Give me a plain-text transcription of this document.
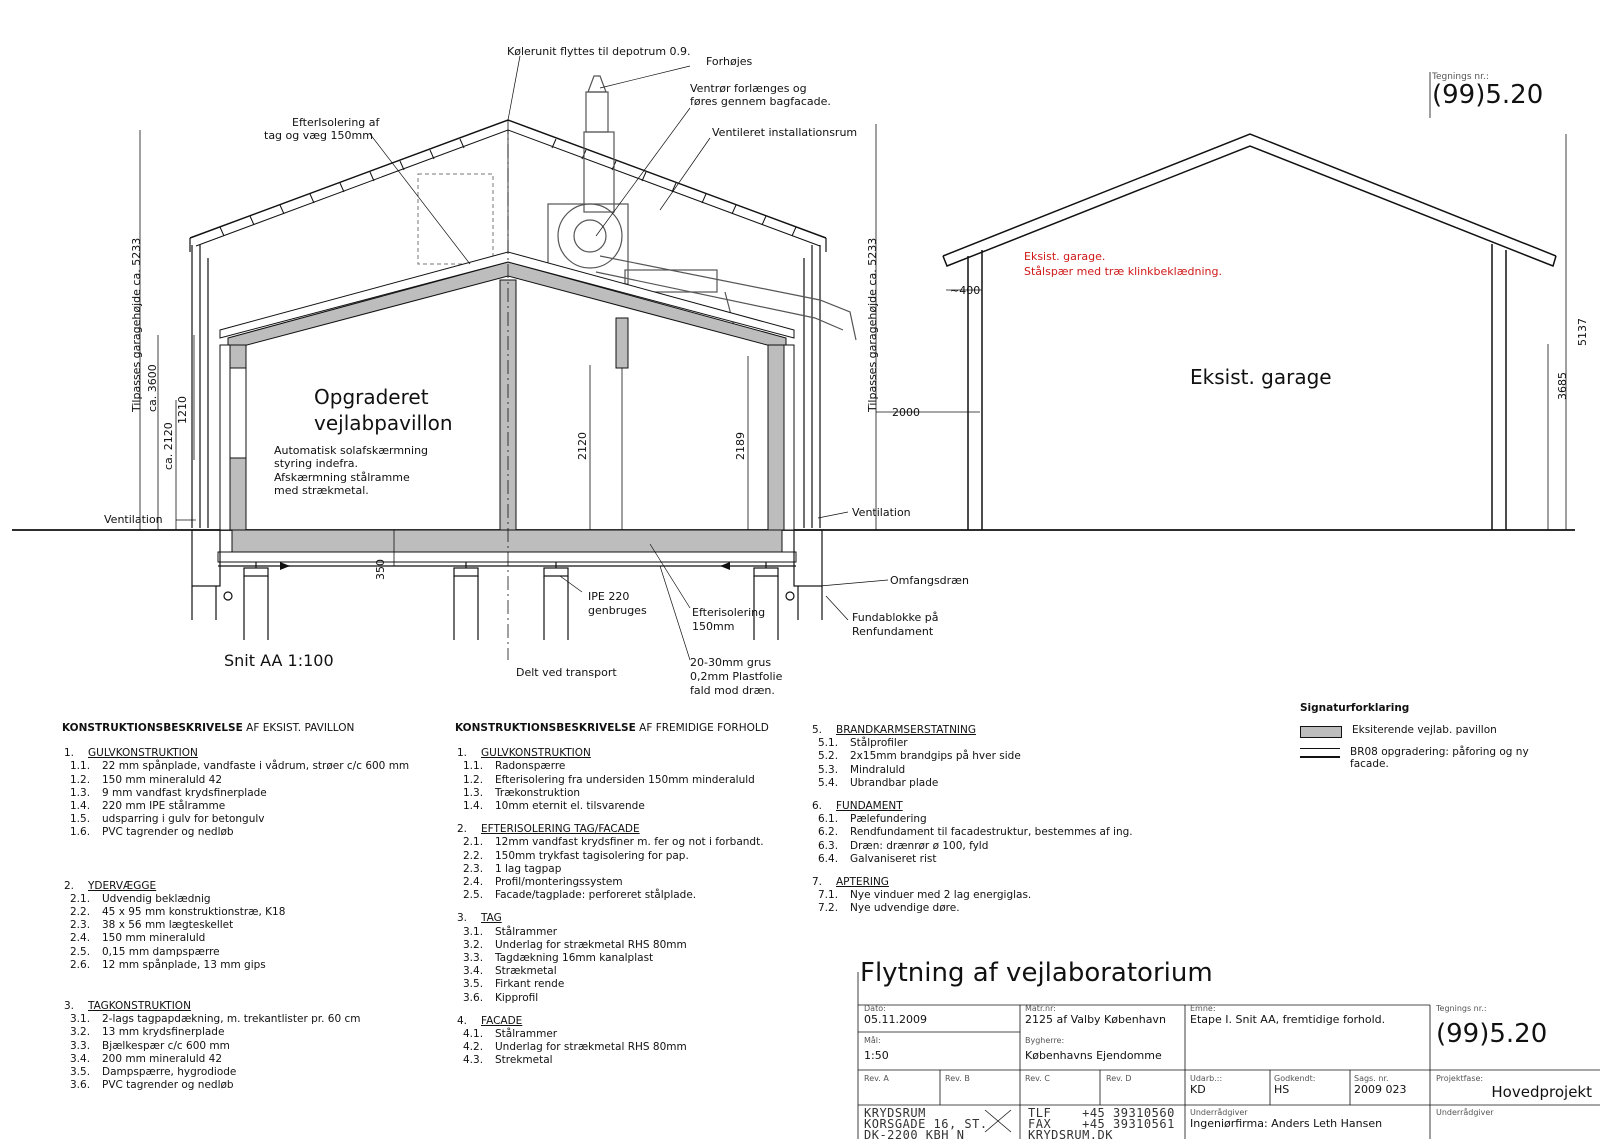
Kølerunit flyttes til depotrum 0.9.
Forhøjes
Ventrør forlænges og
føres gennem bagfacade.
Ventileret installationsrum
EfterIsolering af
tag og væg 150mm
Eksist. garage.
Stålspær med træ klinkbeklædning.
Opgraderet
vejlabpavillon
Automatisk solafskærmning
styring indefra.
Afskærmning stålramme
med strækmetal.
Eksist. garage
Ventilation
Ventilation
Omfangsdræn
Fundablokke på
Renfundament
IPE 220
genbruges	Efterisolering
150mm
20-30mm grus
0,2mm Plastfolie
fald mod dræn.
Delt ved transport
Snit AA 1:100
Tilpasses garagehøjde ca. 5233 ca. 3600
ca. 2120
1210
2120	2189
350
Tilpasses garagehøjde ca. 5233
2000
~400
5137
3685
Tegnings nr.:
(99)5.20
KONSTRUKTIONSBESKRIVELSE AF EKSIST. PAVILLON
1.	GULVKONSTRUKTION
1.1.	22 mm spånplade, vandfaste i vådrum, strøer c/c 600 mm
1.2.	150 mm mineraluld 42
1.3.	9 mm vandfast krydsfinerplade
1.4.	220 mm IPE stålramme
1.5.	udsparring i gulv for betongulv
1.6.	PVC tagrender og nedløb
2.	YDERVÆGGE
2.1.	Udvendig beklædnig
2.2.	45 x 95 mm konstruktionstræ, K18
2.3.	38 x 56 mm lægteskellet
2.4.	150 mm mineraluld
2.5.	0,15 mm dampspærre
2.6.	12 mm spånplade, 13 mm gips
3.	TAGKONSTRUKTION
3.1.	2-lags tagpapdækning, m. trekantlister pr. 60 cm
3.2.	13 mm krydsfinerplade
3.3.	Bjælkespær c/c 600 mm
3.4.	200 mm mineraluld 42
3.5.	Dampspærre, hygrodiode
3.6.	PVC tagrender og nedløb
KONSTRUKTIONSBESKRIVELSE AF FREMIDIGE FORHOLD
1.	GULVKONSTRUKTION
1.1.	Radonspærre
1.2.	Efterisolering fra undersiden 150mm minderaluld
1.3.	Trækonstruktion
1.4.	10mm eternit el. tilsvarende
2.	EFTERISOLERING TAG/FACADE
2.1.	12mm vandfast krydsfiner m. fer og not i forbandt.
2.2.	150mm trykfast tagisolering for pap.
2.3.	1 lag tagpap
2.4.	Profil/monteringssystem
2.5.	Facade/tagplade: perforeret stålplade.
3.	TAG
3.1.	Stålrammer
3.2.	Underlag for strækmetal RHS 80mm
3.3.	Tagdækning 16mm kanalplast
3.4.	Strækmetal
3.5.	Firkant rende
3.6.	Kipprofil
4.	FACADE
4.1.	Stålrammer
4.2.	Underlag for strækmetal RHS 80mm
4.3.	Strekmetal
5.	BRANDKARMSERSTATNING
5.1.	Stålprofiler
5.2.	2x15mm brandgips på hver side
5.3.	Mindraluld
5.4.	Ubrandbar plade
6.	FUNDAMENT
6.1.	Pælefundering
6.2.	Rendfundament til facadestruktur, bestemmes af ing.
6.3.	Dræn: drænrør ø 100, fyld
6.4.	Galvaniseret rist
7.	APTERING
7.1.	Nye vinduer med 2 lag energiglas.
7.2.	Nye udvendige døre.
Signaturforklaring
Eksiterende vejlab. pavillon
BR08 opgradering: påforing og ny facade.
Flytning af vejlaboratorium
Dato:
05.11.2009
Mål:
1:50
Matr.nr:
2125 af Valby København
Bygherre:
Københavns Ejendomme
Emne:
Etape I. Snit AA, fremtidige forhold.
Tegnings nr.:
(99)5.20
Rev. A	Rev. B	Rev. C	Rev. D	Udarb.::
KD
Godkendt:
HS
Sags. nr.
2009 023
Projektfase:
Hovedprojekt
Underrådgiver
Ingeniørfirma: Anders Leth Hansen
Underrådgiver
KRYDSRUM
KORSGADE 16, ST.
DK-2200 KBH N
TLF	+45 39310560
FAX	+45 39310561
KRYDSRUM.DK
